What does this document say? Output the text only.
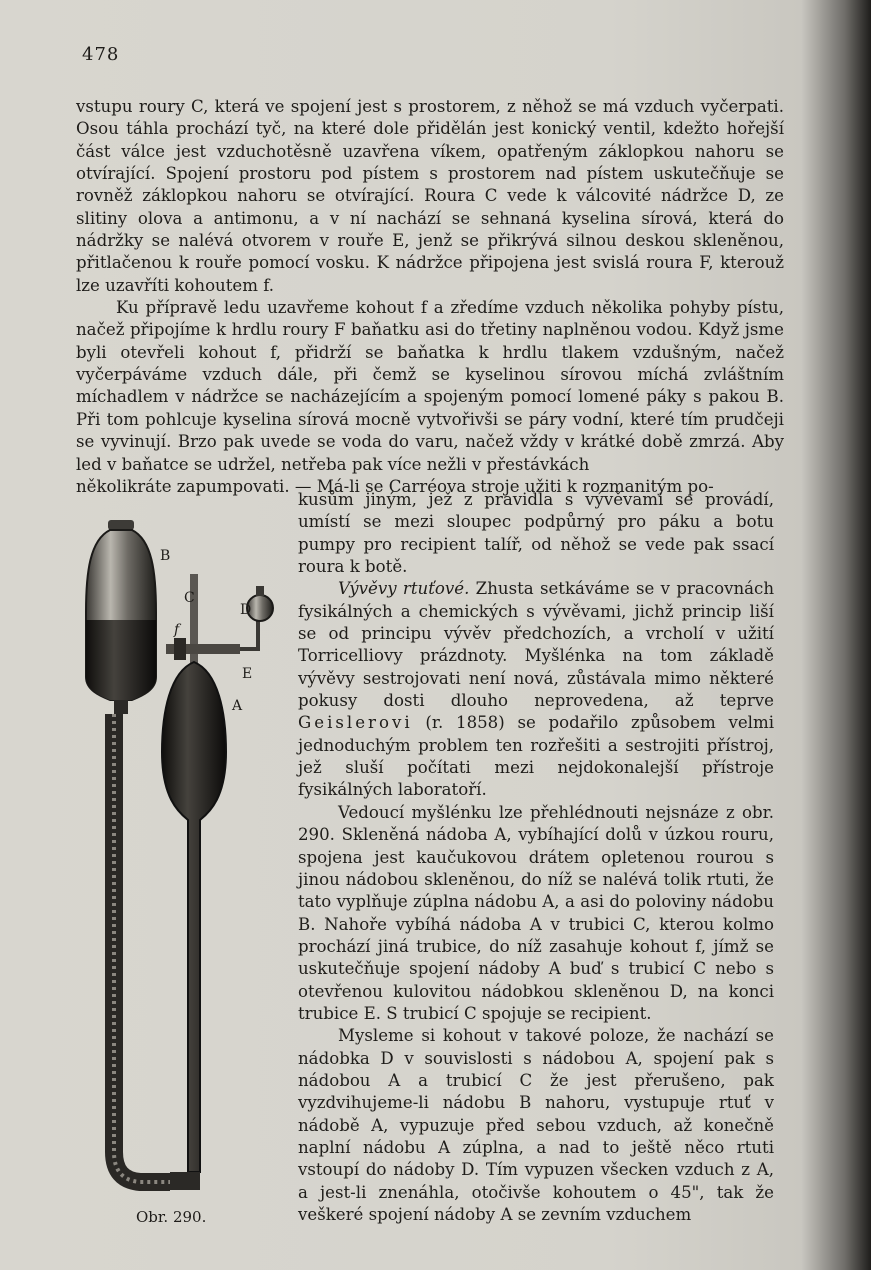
478

vstupu roury C, která ve spojení jest s prostorem, z něhož se má vzduch vyčerpati. Osou táhla prochází tyč, na které dole přidělán jest konický ventil, kdežto hořejší část válce jest vzduchotěsně uzavřena víkem, opatřeným záklopkou nahoru se otvírající. Spojení prostoru pod pístem s prostorem nad pístem uskutečňuje se rovněž záklopkou nahoru se otvírající. Roura C vede k válcovité nádržce D, ze slitiny olova a antimonu, a v ní nachází se sehnaná kyselina sírová, která do nádržky se nalévá otvorem v rouře E, jenž se přikrývá silnou deskou skleněnou, přitlačenou k rouře pomocí vosku. K nádržce připojena jest svislá roura F, kterouž lze uzavříti kohoutem f.

Ku přípravě ledu uzavřeme kohout f a zředíme vzduch několika pohyby pístu, načež připojíme k hrdlu roury F baňatku asi do třetiny naplněnou vodou. Když jsme byli otevřeli kohout f, přidrží se baňatka k hrdlu tlakem vzdušným, načež vyčerpáváme vzduch dále, při čemž se kyselinou sírovou míchá zvláštním míchadlem v nádržce se nacházejícím a spojeným pomocí lomené páky s pakou B. Při tom pohlcuje kyselina sírová mocně vytvořivši se páry vodní, které tím prudčeji se vyvinují. Brzo pak uvede se voda do varu, načež vždy v krátké době zmrzá. Aby led v baňatce se udržel, netřeba pak více nežli v přestávkách

několikráte zapumpovati. — Má-li se Carréova stroje užiti k rozmanitým po-

kusům jiným, jež z pravidla s vývěvami se provádí, umístí se mezi sloupec podpůrný pro páku a botu pumpy pro recipient talíř, od něhož se vede pak ssací roura k botě.

Vývěvy rtuťové. Zhusta setkáváme se v pracovnách fysikálných a chemických s vývěvami, jichž princip liší se od principu vývěv předchozích, a vrcholí v užití Torricelliovy prázdnoty. Myšlénka na tom základě vývěvy sestrojovati není nová, zůstávala mimo některé pokusy dosti dlouho neprovedena, až teprve Geislerovi (r. 1858) se podařilo způsobem velmi jednoduchým problem ten rozřešiti a sestrojiti přístroj, jež sluší počítati mezi nejdokonalejší přístroje fysikálných laboratoří.

Vedoucí myšlénku lze přehlédnouti nejsnáze z obr. 290. Skleněná nádoba A, vybíhající dolů v úzkou rouru, spojena jest kaučukovou drátem opletenou rourou s jinou nádobou skleněnou, do níž se nalévá tolik rtuti, že tato vyplňuje zúplna nádobu A, a asi do poloviny nádobu B. Nahoře vybíhá nádoba A v trubici C, kterou kolmo prochází jiná trubice, do níž zasahuje kohout f, jímž se uskutečňuje spojení nádoby A buď s trubicí C nebo s otevřenou kulovitou nádobkou skleněnou D, na konci trubice E. S trubicí C spojuje se recipient.

Mysleme si kohout v takové poloze, že nachází se nádobka D v souvislosti s nádobou A, spojení pak s nádobou A a trubicí C že jest přerušeno, pak vyzdvihujeme-li nádobu B nahoru, vystupuje rtuť v nádobě A, vypuzuje před sebou vzduch, až konečně naplní nádobu A zúplna, a nad to ještě něco rtuti vstoupí do nádoby D. Tím vypuzen všecken vzduch z A, a jest-li znenáhla, otočivše kohoutem o 45", tak že veškeré spojení nádoby A se zevním vzduchem

B
C
D
f
E
A
Obr. 290.
